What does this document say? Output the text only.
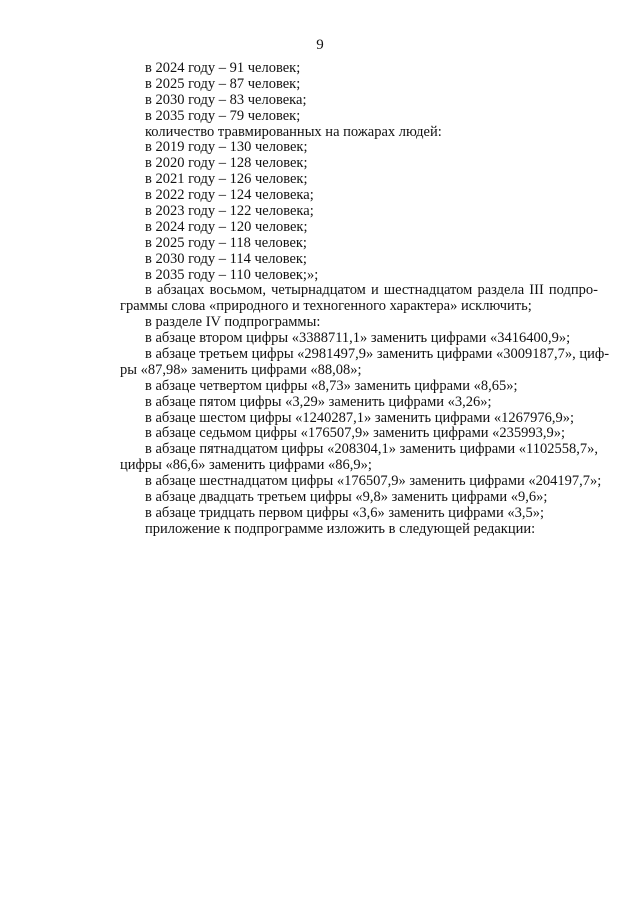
9
в 2024 году – 91 человек;
в 2025 году – 87 человек;
в 2030 году – 83 человека;
в 2035 году – 79 человек;
количество травмированных на пожарах людей:
в 2019 году – 130 человек;
в 2020 году – 128 человек;
в 2021 году – 126 человек;
в 2022 году – 124 человека;
в 2023 году – 122 человека;
в 2024 году – 120 человек;
в 2025 году – 118 человек;
в 2030 году – 114 человек;
в 2035 году – 110 человек;»;
в абзацах восьмом, четырнадцатом и шестнадцатом раздела III подпро-
граммы слова «природного и техногенного характера» исключить;
в разделе IV подпрограммы:
в абзаце втором цифры «3388711,1» заменить цифрами «3416400,9»;
в абзаце третьем цифры «2981497,9» заменить цифрами «3009187,7», циф-
ры «87,98» заменить цифрами «88,08»;
в абзаце четвертом цифры «8,73» заменить цифрами «8,65»;
в абзаце пятом цифры «3,29» заменить цифрами «3,26»;
в абзаце шестом цифры «1240287,1» заменить цифрами «1267976,9»;
в абзаце седьмом цифры «176507,9» заменить цифрами «235993,9»;
в абзаце пятнадцатом цифры «208304,1» заменить цифрами «1102558,7»,
цифры «86,6» заменить цифрами «86,9»;
в абзаце шестнадцатом цифры «176507,9» заменить цифрами «204197,7»;
в абзаце двадцать третьем цифры «9,8» заменить цифрами «9,6»;
в абзаце тридцать первом цифры «3,6» заменить цифрами «3,5»;
приложение к подпрограмме изложить в следующей редакции:
